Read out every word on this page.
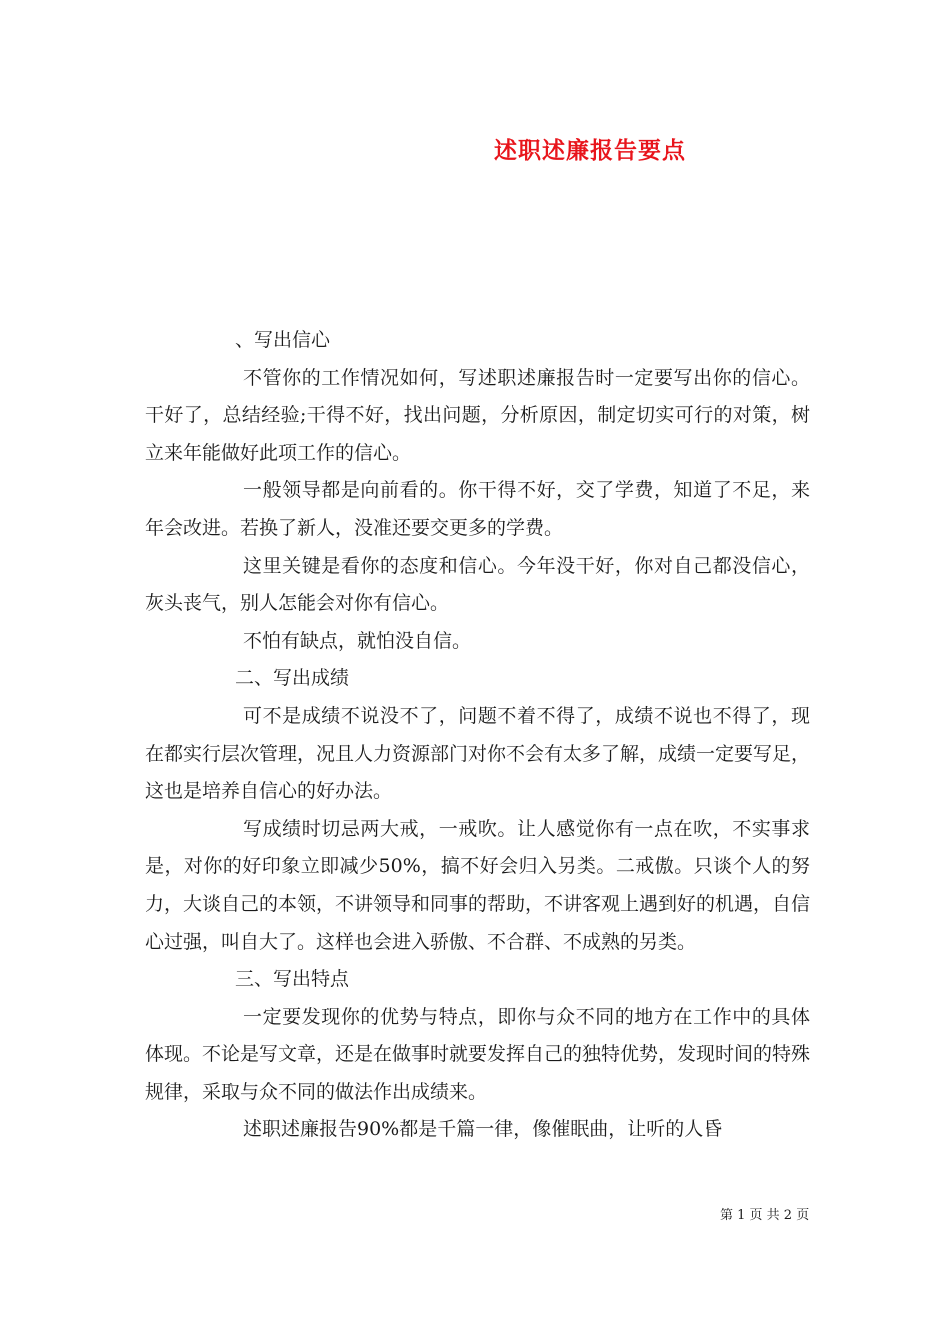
述职述廉报告要点

、写出信心

不管你的工作情况如何，写述职述廉报告时一定要写出你的信心。干好了，总结经验;干得不好，找出问题，分析原因，制定切实可行的对策，树立来年能做好此项工作的信心。

一般领导都是向前看的。你干得不好，交了学费，知道了不足，来年会改进。若换了新人，没准还要交更多的学费。

这里关键是看你的态度和信心。今年没干好，你对自己都没信心，灰头丧气，别人怎能会对你有信心。

不怕有缺点，就怕没自信。

二、写出成绩

可不是成绩不说没不了，问题不着不得了，成绩不说也不得了，现在都实行层次管理，况且人力资源部门对你不会有太多了解，成绩一定要写足，这也是培养自信心的好办法。

写成绩时切忌两大戒，一戒吹。让人感觉你有一点在吹，不实事求是，对你的好印象立即减少50%，搞不好会归入另类。二戒傲。只谈个人的努力，大谈自己的本领，不讲领导和同事的帮助，不讲客观上遇到好的机遇，自信心过强，叫自大了。这样也会进入骄傲、不合群、不成熟的另类。

三、写出特点

一定要发现你的优势与特点，即你与众不同的地方在工作中的具体体现。不论是写文章，还是在做事时就要发挥自己的独特优势，发现时间的特殊规律，采取与众不同的做法作出成绩来。

述职述廉报告90%都是千篇一律，像催眠曲，让听的人昏

第 1 页 共 2 页
